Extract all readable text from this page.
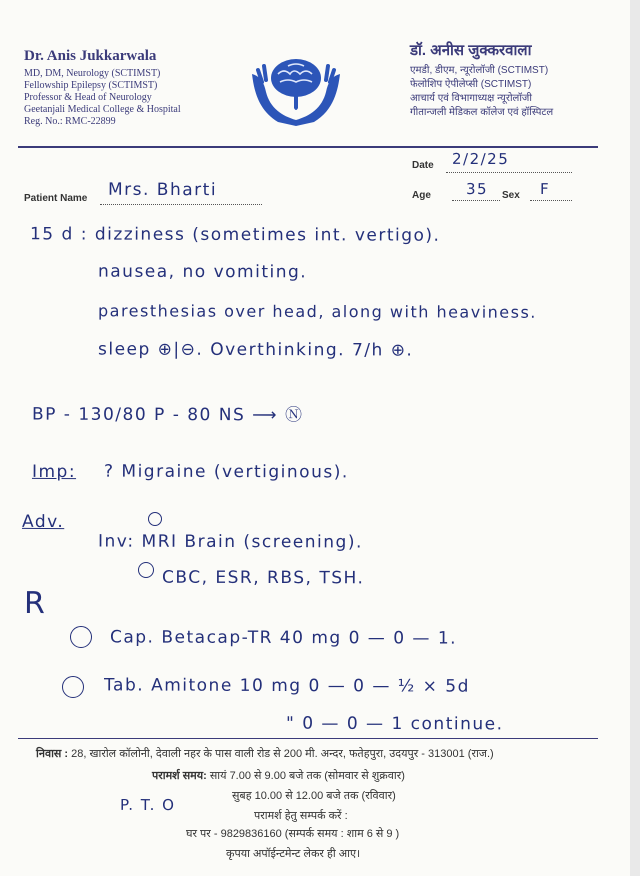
Dr. Anis Jukkarwala
MD, DM, Neurology (SCTIMST)
Fellowship Epilepsy (SCTIMST)
Professor & Head of Neurology
Geetanjali Medical College & Hospital
Reg. No.: RMC-22899
डॉ. अनीस जुक्करवाला
एमडी, डीएम, न्यूरोलॉजी (SCTIMST)
फेलोशिप ऐपीलेप्सी (SCTIMST)
आचार्य एवं विभागाध्यक्ष न्यूरोलॉजी
गीतान्जली मेडिकल कॉलेज एवं हॉस्पिटल
Date 2/2/25
Patient Name Mrs. Bharti	Age 35 Sex F
15 d : dizziness (sometimes int. vertigo).
nausea, no vomiting.
paresthesias over head, along with heaviness.
sleep ⊕|⊖. Overthinking. 7/h ⊕.
BP - 130/80 P - 80 NS ⟶ Ⓝ
Imp: ? Migraine (vertiginous).
Adv.
Inv: MRI Brain (screening).
CBC, ESR, RBS, TSH.
R
Cap. Betacap-TR 40 mg 0 — 0 — 1.
Tab. Amitone 10 mg 0 — 0 — ½ × 5d
" 0 — 0 — 1 continue.
निवास : 28, खारोल कॉलोनी, देवाली नहर के पास वाली रोड से 200 मी. अन्दर, फतेहपुरा, उदयपुर - 313001 (राज.)
परामर्श समय: सायं 7.00 से 9.00 बजे तक (सोमवार से शुक्रवार)
सुबह 10.00 से 12.00 बजे तक (रविवार)
P. T. O
परामर्श हेतु सम्पर्क करें :
घर पर - 9829836160 (सम्पर्क समय : शाम 6 से 9 )
कृपया अपॉईन्टमेन्ट लेकर ही आए।
